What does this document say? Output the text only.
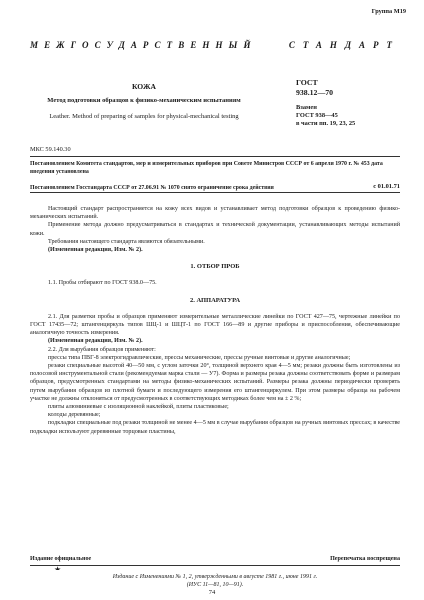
Группа М19
МЕЖГОСУДАРСТВЕННЫЙ	СТАНДАРТ
КОЖА
Метод подготовки образцов к физико-механическим испытаниям
Leather. Method of preparing of samples for physical-mechanical testing
ГОСТ
938.12—70
Взамен
ГОСТ 938—45
в части пп. 19, 23, 25
МКС 59.140.30
Постановлением Комитета стандартов, мер и измерительных приборов при Совете Министров СССР от 6 апреля 1970 г. № 453 дата введения установлена
Постановлением Госстандарта СССР от 27.06.91 № 1070 снято ограничение срока действия	с 01.01.71

Настоящий стандарт распространяется на кожу всех видов и устанавливает метод подготовки образцов к проведению физико-механических испытаний.

Применение метода должно предусматриваться в стандартах и технической документации, устанавливающих методы испытаний кожи.

Требования настоящего стандарта являются обязательными.

(Измененная редакция, Изм. № 2).

1. ОТБОР ПРОБ

1.1. Пробы отбирают по ГОСТ 938.0—75.

2. АППАРАТУРА

2.1. Для разметки пробы и образцов применяют измерительные металлические линейки по ГОСТ 427—75, чертежные линейки по ГОСТ 17435—72; штангенциркуль типов ШЦ-1 и ШЦТ-1 по ГОСТ 166—89 и другие приборы и приспособления, обеспечивающие аналогичную точность измерения.

(Измененная редакция, Изм. № 2).

2.2. Для вырубания образцов применяют:

прессы типа ПВГ-8 электрогидравлические, прессы механические, прессы ручные винтовые и другие аналогичные;

резаки специальные высотой 40—50 мм, с углом заточки 20°, толщиной верхнего края 4—5 мм; резаки должны быть изготовлены из полосовой инструментальной стали (рекомендуемая марка стали — У7). Форма и размеры резака должны соответствовать форме и размерам образцов, предусмотренных стандартами на методы физико-механических испытаний. Размеры резака должны периодически проверять путем вырубания образцов из плотной бумаги и последующего измерения его штангенциркулем. При этом размеры образца на рабочем участке не должны отклоняться от предусмотренных в соответствующих методиках более чем на ± 2 %;

плиты алюминиевые с изоляционной наклейкой, плиты пластиковые;

колоды деревянные;

подкладки специальные под резаки толщиной не менее 4—5 мм в случае вырубания образцов на ручных винтовых прессах; в качестве подкладки используют деревянные торцовые пластины,

Издание официальное	Перепечатка воспрещена
Издание с Изменениями № 1, 2, утвержденными в августе 1981 г., июне 1991 г.
(ИУС 11—81, 10—91).
74
